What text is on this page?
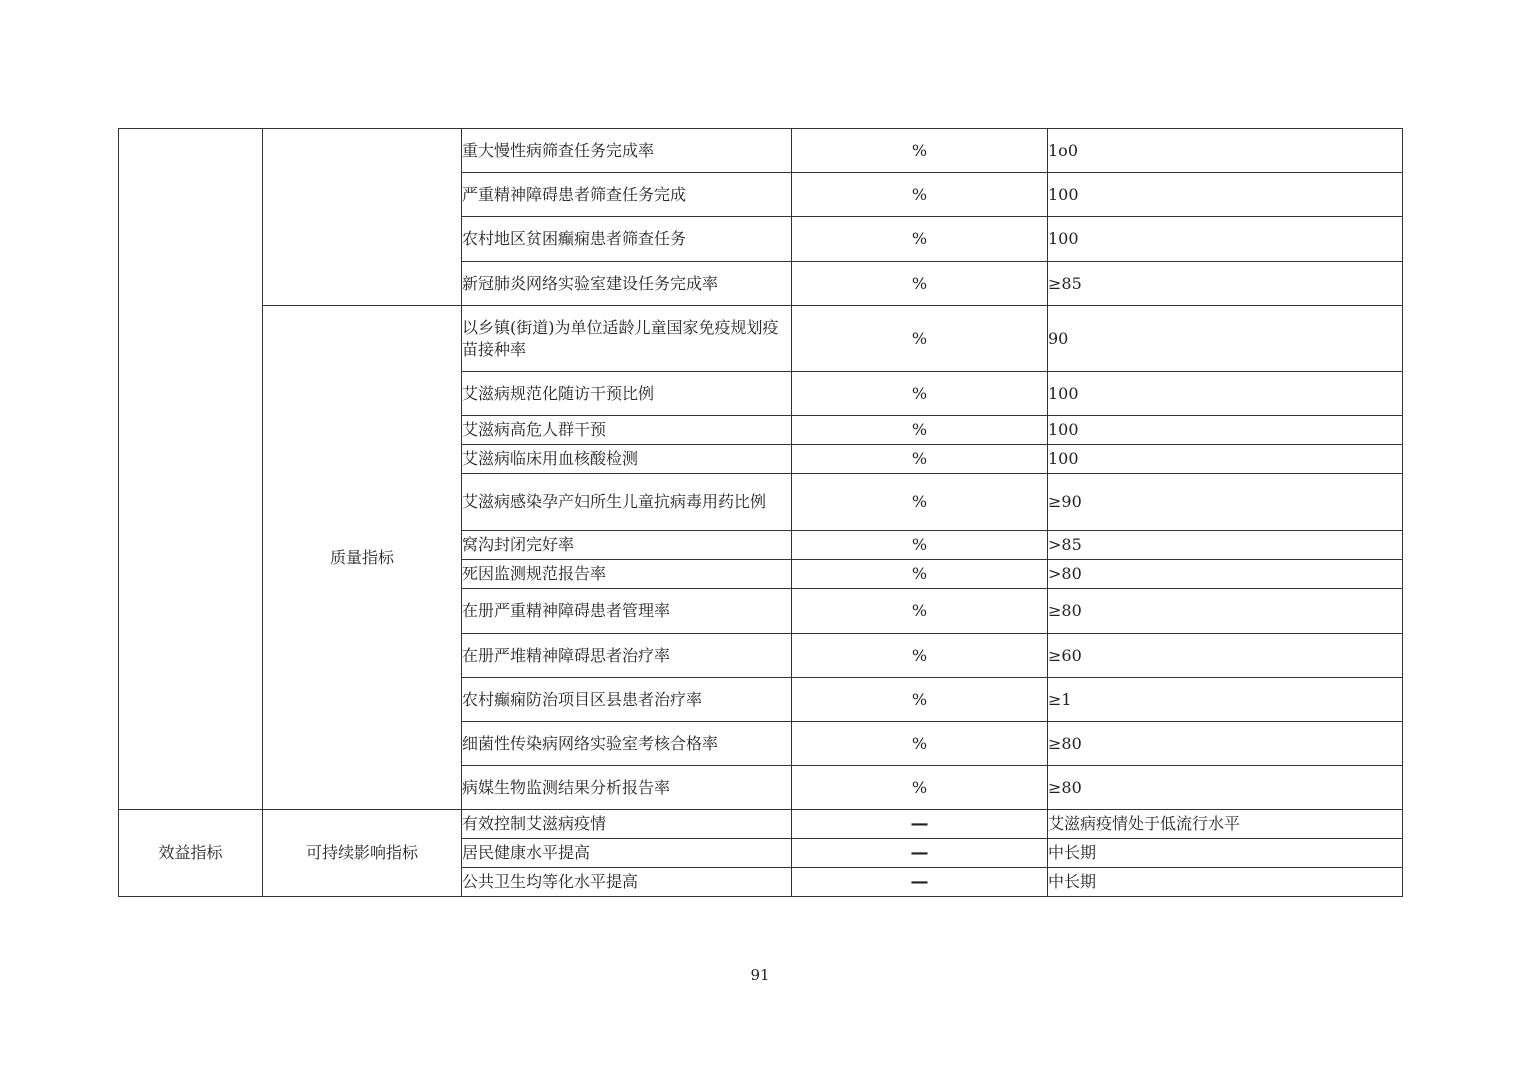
		重大慢性病筛查任务完成率	%	1o0
		严重精神障碍患者筛查任务完成	%	100
		农村地区贫困癫痫患者筛查任务	%	100
		新冠肺炎网络实验室建设任务完成率	%	≥85
	质量指标	以乡镇(街道)为单位适龄儿童国家免疫规划疫苗接种率	%	90
		艾滋病规范化随访干预比例	%	100
		艾滋病高危人群干预	%	100
		艾滋病临床用血核酸检测	%	100
		艾滋病感染孕产妇所生儿童抗病毒用药比例	%	≥90
		窝沟封闭完好率	%	>85
		死因监测规范报告率	%	>80
		在册严重精神障碍患者管理率	%	≥80
		在册严堆精神障碍思者治疗率	%	≥60
		农村癫痫防治项目区县患者治疗率	%	≥1
		细菌性传染病网络实验室考核合格率	%	≥80
		病媒生物监测结果分析报告率	%	≥80
效益指标	可持续影响指标	有效控制艾滋病疫情	—	艾滋病疫情处于低流行水平
		居民健康水平提高	—	中长期
		公共卫生均等化水平提高	—	中长期
91
